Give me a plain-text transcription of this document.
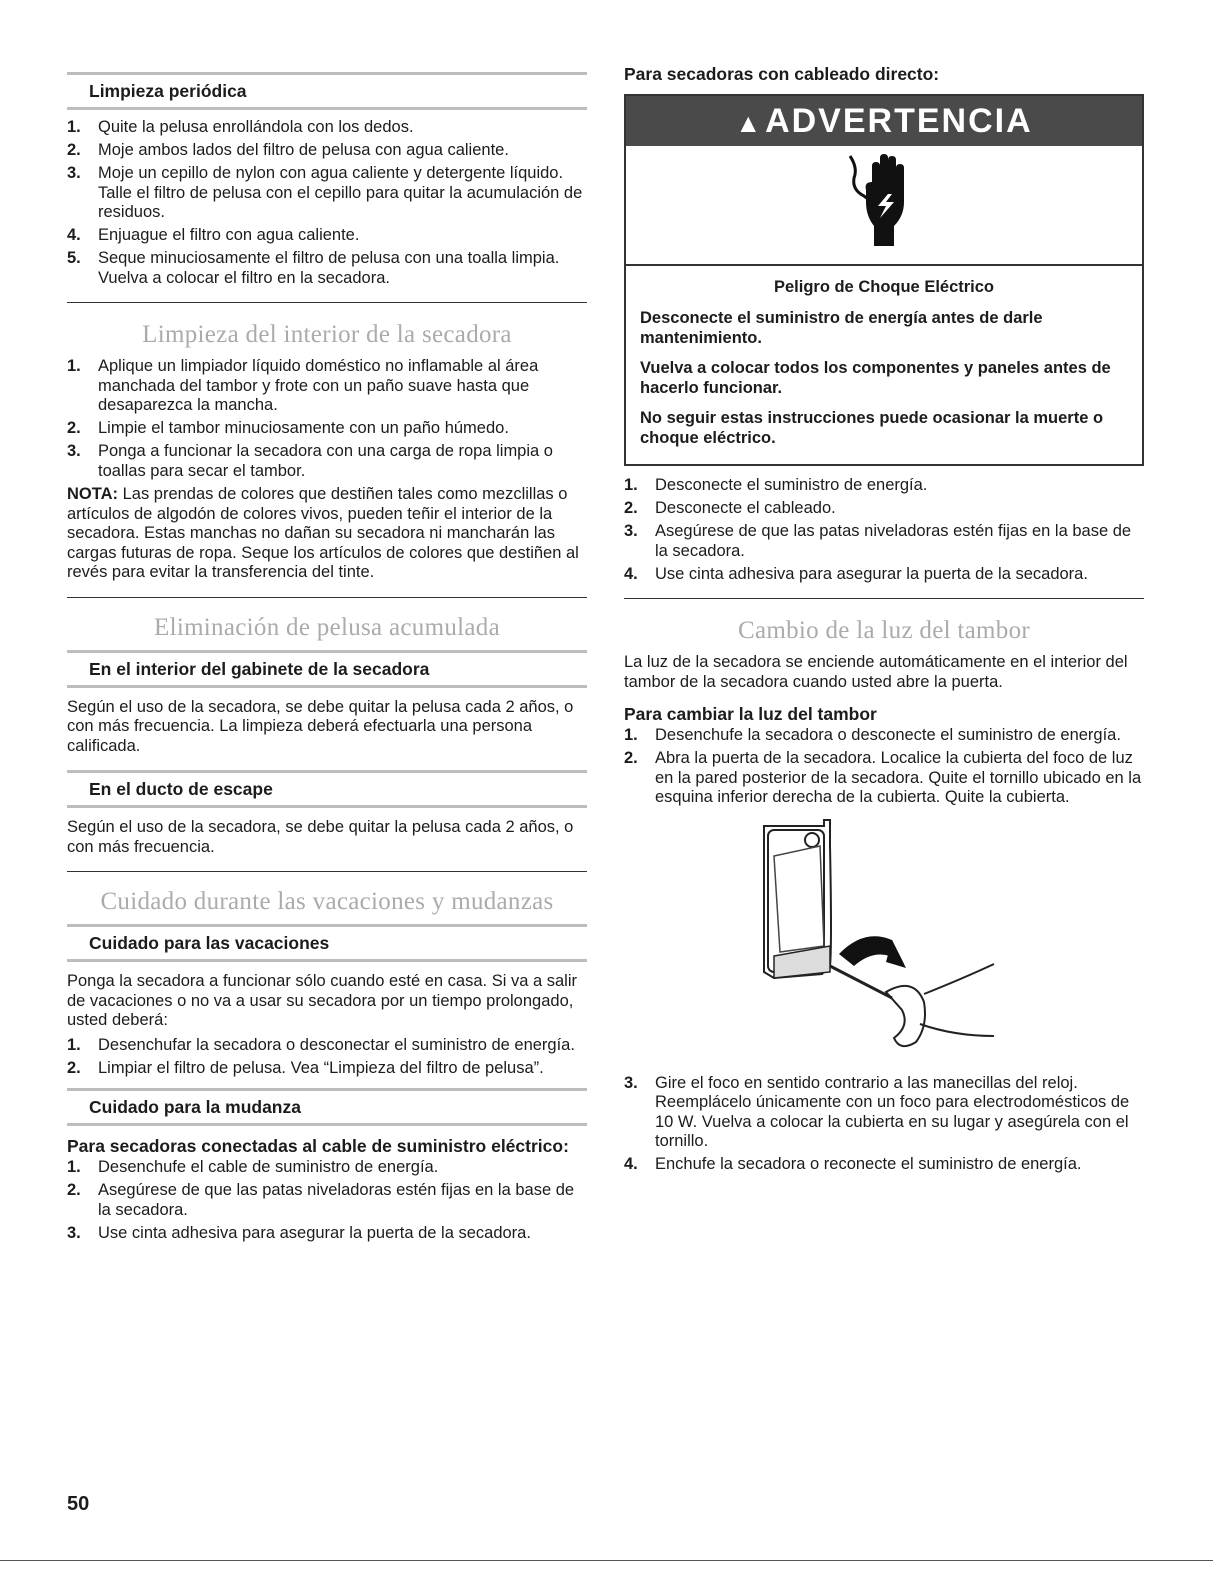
Limpieza periódica

1. Quite la pelusa enrollándola con los dedos.
2. Moje ambos lados del filtro de pelusa con agua caliente.
3. Moje un cepillo de nylon con agua caliente y detergente líquido. Talle el filtro de pelusa con el cepillo para quitar la acumulación de residuos.
4. Enjuague el filtro con agua caliente.
5. Seque minuciosamente el filtro de pelusa con una toalla limpia. Vuelva a colocar el filtro en la secadora.
Limpieza del interior de la secadora
1. Aplique un limpiador líquido doméstico no inflamable al área manchada del tambor y frote con un paño suave hasta que desaparezca la mancha.
2. Limpie el tambor minuciosamente con un paño húmedo.
3. Ponga a funcionar la secadora con una carga de ropa limpia o toallas para secar el tambor.

NOTA: Las prendas de colores que destiñen tales como mezclillas o artículos de algodón de colores vivos, pueden teñir el interior de la secadora. Estas manchas no dañan su secadora ni mancharán las cargas futuras de ropa. Seque los artículos de colores que destiñen al revés para evitar la transferencia del tinte.

Eliminación de pelusa acumulada

En el interior del gabinete de la secadora

Según el uso de la secadora, se debe quitar la pelusa cada 2 años, o con más frecuencia. La limpieza deberá efectuarla una persona calificada.

En el ducto de escape

Según el uso de la secadora, se debe quitar la pelusa cada 2 años, o con más frecuencia.

Cuidado durante las vacaciones y mudanzas

Cuidado para las vacaciones

Ponga la secadora a funcionar sólo cuando esté en casa. Si va a salir de vacaciones o no va a usar su secadora por un tiempo prolongado, usted deberá:

1. Desenchufar la secadora o desconectar el suministro de energía.
2. Limpiar el filtro de pelusa. Vea “Limpieza del filtro de pelusa”.

Cuidado para la mudanza

Para secadoras conectadas al cable de suministro eléctrico:

1. Desenchufe el cable de suministro de energía.
2. Asegúrese de que las patas niveladoras estén fijas en la base de la secadora.
3. Use cinta adhesiva para asegurar la puerta de la secadora.

Para secadoras con cableado directo:

▲ ADVERTENCIA

Peligro de Choque Eléctrico

Desconecte el suministro de energía antes de darle mantenimiento.

Vuelva a colocar todos los componentes y paneles antes de hacerlo funcionar.

No seguir estas instrucciones puede ocasionar la muerte o choque eléctrico.

1. Desconecte el suministro de energía.
2. Desconecte el cableado.
3. Asegúrese de que las patas niveladoras estén fijas en la base de la secadora.
4. Use cinta adhesiva para asegurar la puerta de la secadora.
Cambio de la luz del tambor

La luz de la secadora se enciende automáticamente en el interior del tambor de la secadora cuando usted abre la puerta.

Para cambiar la luz del tambor

1. Desenchufe la secadora o desconecte el suministro de energía.
2. Abra la puerta de la secadora. Localice la cubierta del foco de luz en la pared posterior de la secadora. Quite el tornillo ubicado en la esquina inferior derecha de la cubierta. Quite la cubierta.
3. Gire el foco en sentido contrario a las manecillas del reloj. Reemplácelo únicamente con un foco para electrodomésticos de 10 W. Vuelva a colocar la cubierta en su lugar y asegúrela con el tornillo.
4. Enchufe la secadora o reconecte el suministro de energía.
50
